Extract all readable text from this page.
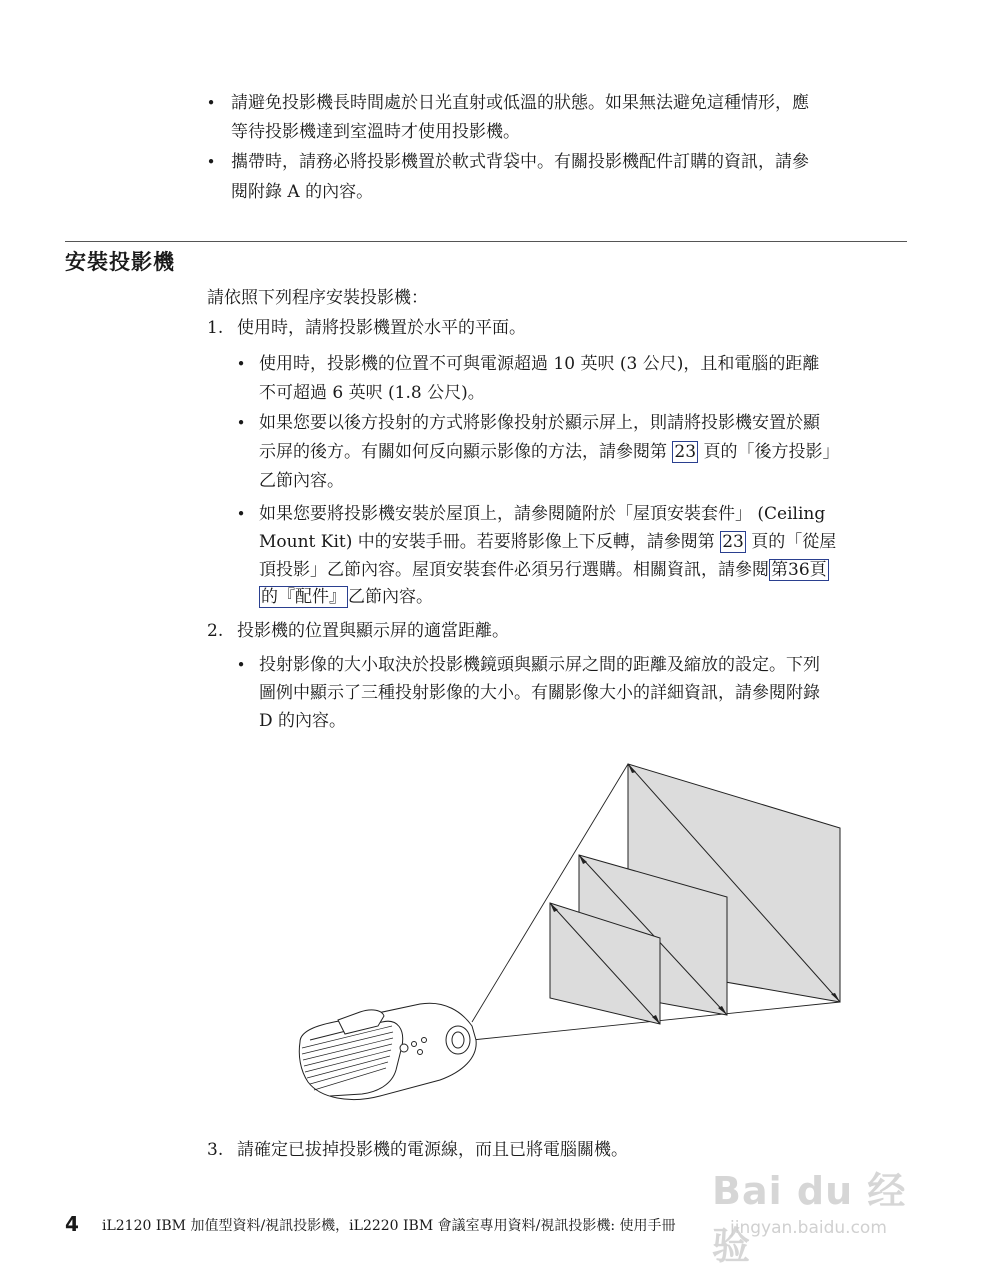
• 請避免投影機長時間處於日光直射或低溫的狀態。如果無法避免這種情形，應
等待投影機達到室溫時才使用投影機。
• 攜帶時，請務必將投影機置於軟式背袋中。有關投影機配件訂購的資訊，請參
閱附錄 A 的內容。
安裝投影機
請依照下列程序安裝投影機：
1. 使用時，請將投影機置於水平的平面。
• 使用時，投影機的位置不可與電源超過 10 英呎 (3 公尺)，且和電腦的距離
不可超過 6 英呎 (1.8 公尺)。
• 如果您要以後方投射的方式將影像投射於顯示屏上，則請將投影機安置於顯
示屏的後方。有關如何反向顯示影像的方法，請參閱第 23 頁的「後方投影」
乙節內容。
• 如果您要將投影機安裝於屋頂上，請參閱隨附於「屋頂安裝套件」 (Ceiling
Mount Kit) 中的安裝手冊。若要將影像上下反轉，請參閱第 23 頁的「從屋
頂投影」乙節內容。屋頂安裝套件必須另行選購。相關資訊，請參閱 第36頁
的『配件』 乙節內容。
2. 投影機的位置與顯示屏的適當距離。
• 投射影像的大小取決於投影機鏡頭與顯示屏之間的距離及縮放的設定。下列
圖例中顯示了三種投射影像的大小。有關影像大小的詳細資訊，請參閱附錄
D 的內容。
3. 請確定已拔掉投影機的電源線，而且已將電腦關機。
4 iL2120 IBM 加值型資料/視訊投影機，iL2220 IBM 會議室專用資料/視訊投影機: 使用手冊
Bai du 经验
jingyan.baidu.com
